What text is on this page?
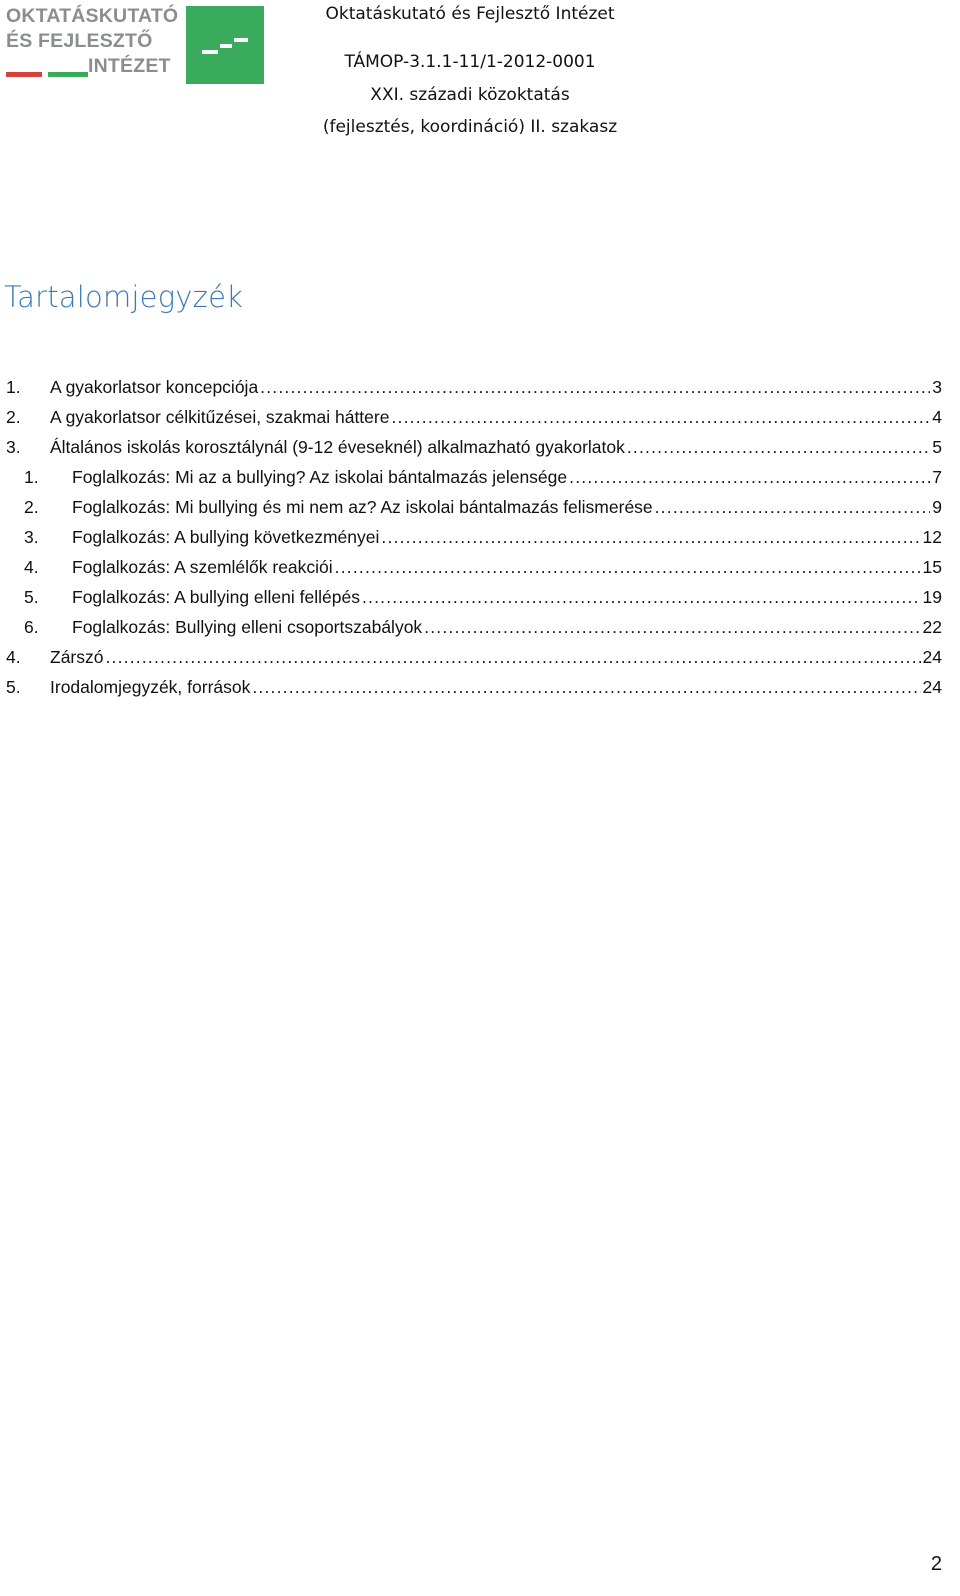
OKTATÁSKUTATÓ
ÉS FEJLESZTŐ
INTÉZET
Oktatáskutató és Fejlesztő Intézet
TÁMOP-3.1.1-11/1-2012-0001
XXI. századi közoktatás
(fejlesztés, koordináció) II. szakasz
Tartalomjegyzék
1.	A gyakorlatsor koncepciója .....	3
2.	A gyakorlatsor célkitűzései, szakmai háttere .....	4
3.	Általános iskolás korosztálynál (9-12 éveseknél) alkalmazható gyakorlatok .....	5
1.	Foglalkozás: Mi az a bullying? Az iskolai bántalmazás jelensége .....	7
2.	Foglalkozás: Mi bullying és mi nem az? Az iskolai bántalmazás felismerése .....	9
3.	Foglalkozás: A bullying következményei .....	12
4.	Foglalkozás: A szemlélők reakciói .....	15
5.	Foglalkozás: A bullying elleni fellépés .....	19
6.	Foglalkozás: Bullying elleni csoportszabályok .....	22
4.	Zárszó .....	24
5.	Irodalomjegyzék, források .....	24
2
